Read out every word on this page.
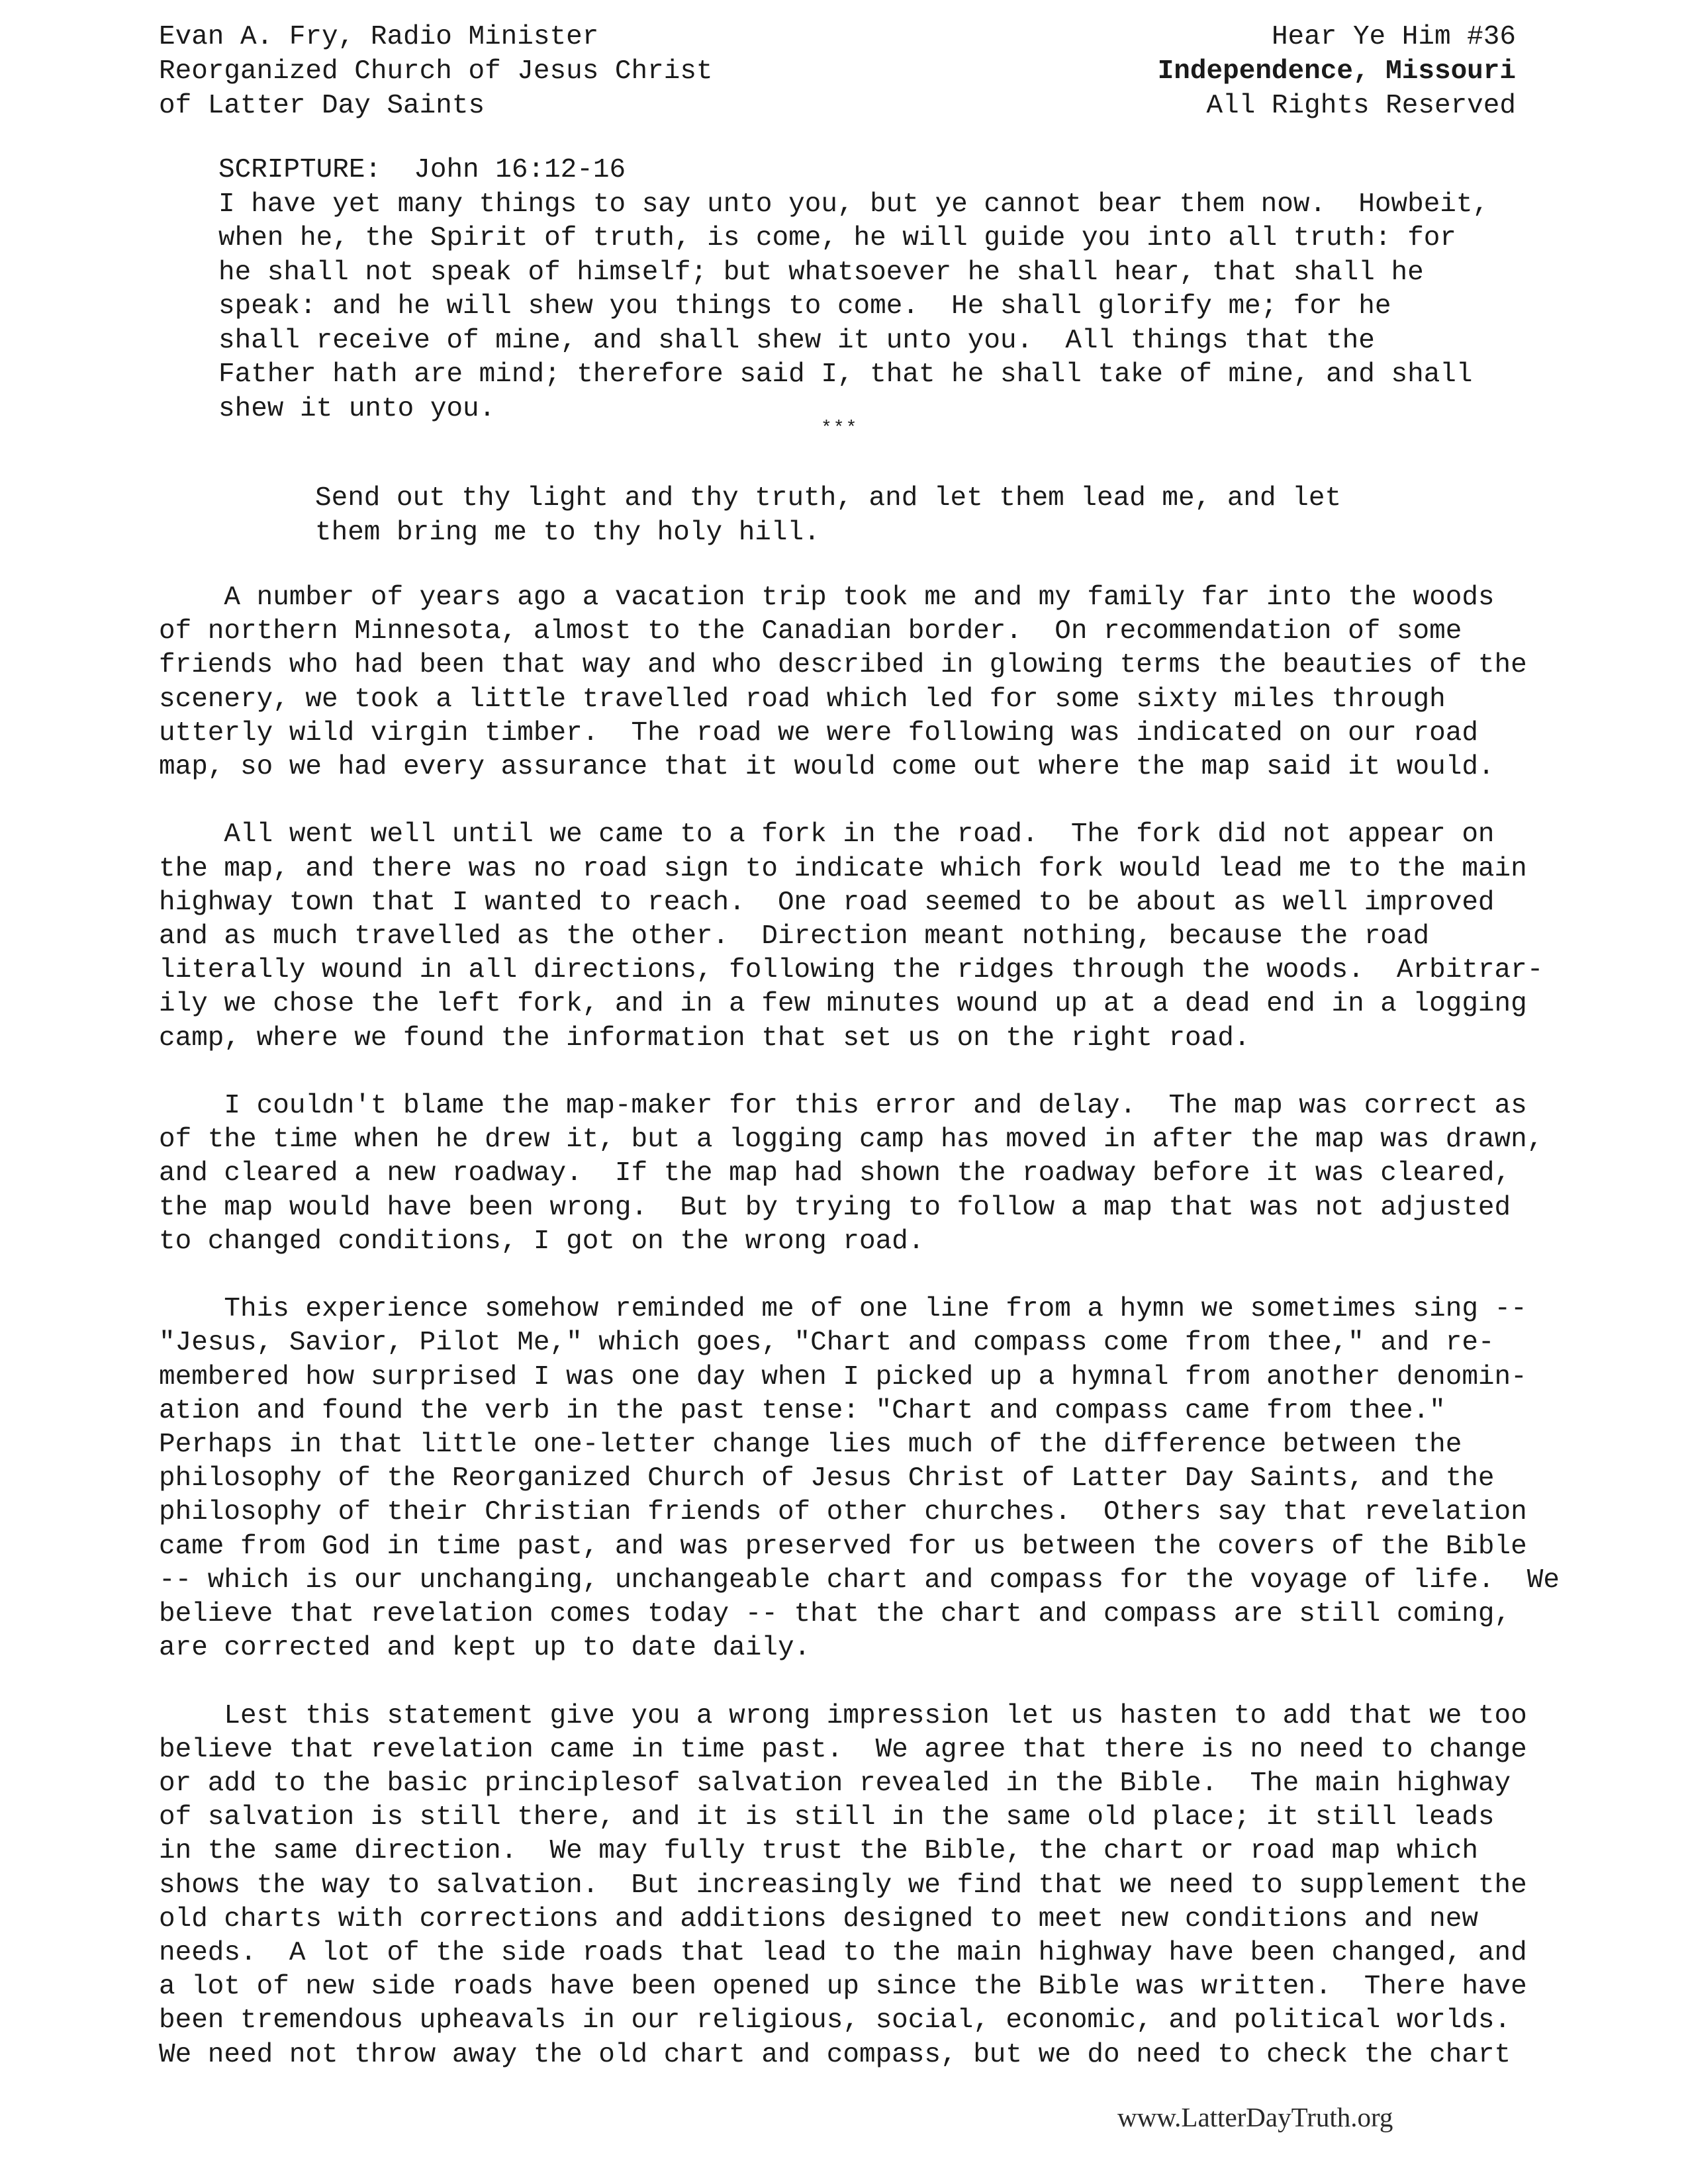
Evan A. Fry, Radio Minister
Reorganized Church of Jesus Christ
of Latter Day Saints
Hear Ye Him #36
Independence, Missouri
All Rights Reserved
SCRIPTURE:  John 16:12-16
I have yet many things to say unto you, but ye cannot bear them now.  Howbeit,
when he, the Spirit of truth, is come, he will guide you into all truth: for
he shall not speak of himself; but whatsoever he shall hear, that shall he
speak: and he will shew you things to come.  He shall glorify me; for he
shall receive of mine, and shall shew it unto you.  All things that the
Father hath are mind; therefore said I, that he shall take of mine, and shall
shew it unto you.
***
Send out thy light and thy truth, and let them lead me, and let
them bring me to thy holy hill.
A number of years ago a vacation trip took me and my family far into the woods
of northern Minnesota, almost to the Canadian border.  On recommendation of some
friends who had been that way and who described in glowing terms the beauties of the
scenery, we took a little travelled road which led for some sixty miles through
utterly wild virgin timber.  The road we were following was indicated on our road
map, so we had every assurance that it would come out where the map said it would.
All went well until we came to a fork in the road.  The fork did not appear on
the map, and there was no road sign to indicate which fork would lead me to the main
highway town that I wanted to reach.  One road seemed to be about as well improved
and as much travelled as the other.  Direction meant nothing, because the road
literally wound in all directions, following the ridges through the woods.  Arbitrar-
ily we chose the left fork, and in a few minutes wound up at a dead end in a logging
camp, where we found the information that set us on the right road.
I couldn't blame the map-maker for this error and delay.  The map was correct as
of the time when he drew it, but a logging camp has moved in after the map was drawn,
and cleared a new roadway.  If the map had shown the roadway before it was cleared,
the map would have been wrong.  But by trying to follow a map that was not adjusted
to changed conditions, I got on the wrong road.
This experience somehow reminded me of one line from a hymn we sometimes sing --
"Jesus, Savior, Pilot Me," which goes, "Chart and compass come from thee," and re-
membered how surprised I was one day when I picked up a hymnal from another denomin-
ation and found the verb in the past tense: "Chart and compass came from thee."
Perhaps in that little one-letter change lies much of the difference between the
philosophy of the Reorganized Church of Jesus Christ of Latter Day Saints, and the
philosophy of their Christian friends of other churches.  Others say that revelation
came from God in time past, and was preserved for us between the covers of the Bible
-- which is our unchanging, unchangeable chart and compass for the voyage of life.  We
believe that revelation comes today -- that the chart and compass are still coming,
are corrected and kept up to date daily.
Lest this statement give you a wrong impression let us hasten to add that we too
believe that revelation came in time past.  We agree that there is no need to change
or add to the basic principlesof salvation revealed in the Bible.  The main highway
of salvation is still there, and it is still in the same old place; it still leads
in the same direction.  We may fully trust the Bible, the chart or road map which
shows the way to salvation.  But increasingly we find that we need to supplement the
old charts with corrections and additions designed to meet new conditions and new
needs.  A lot of the side roads that lead to the main highway have been changed, and
a lot of new side roads have been opened up since the Bible was written.  There have
been tremendous upheavals in our religious, social, economic, and political worlds.
We need not throw away the old chart and compass, but we do need to check the chart
www.LatterDayTruth.org
